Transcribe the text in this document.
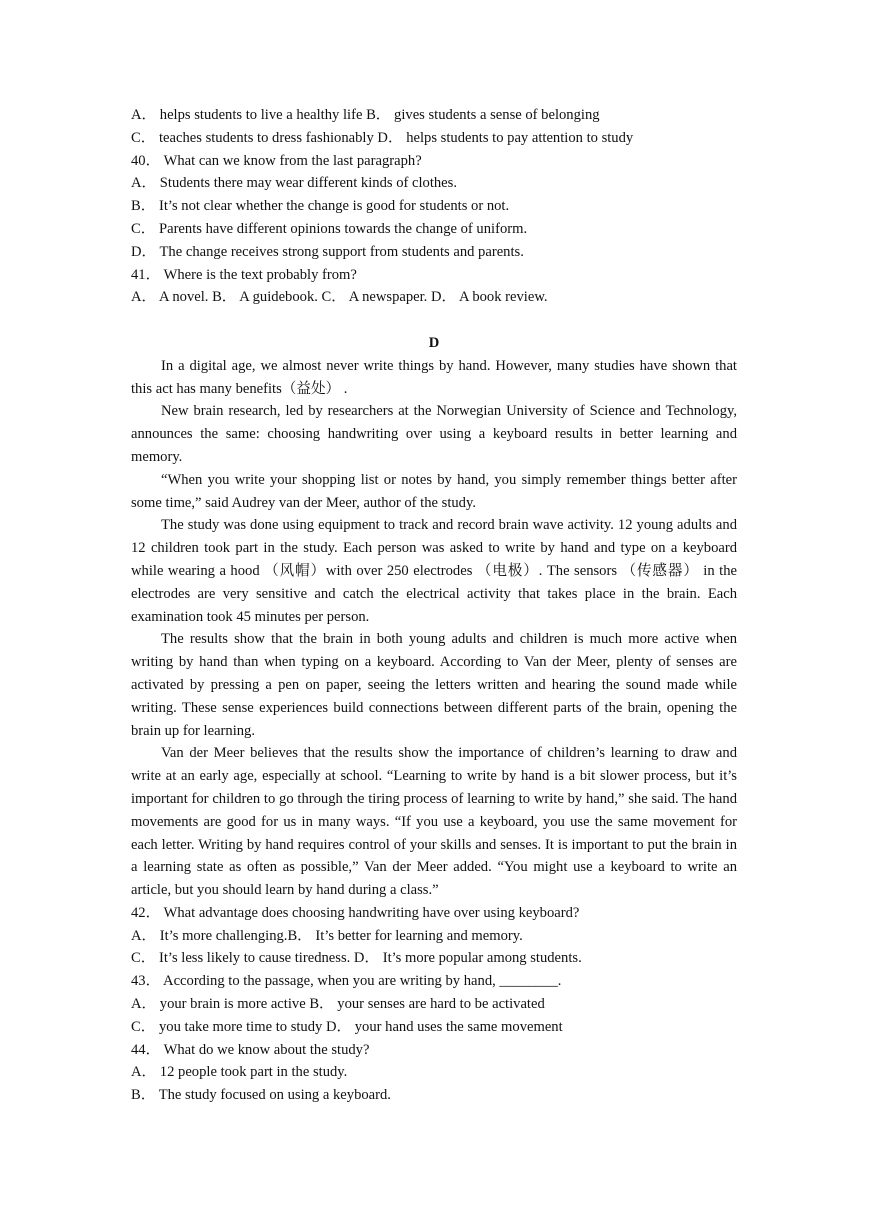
A． helps students to live a healthy life B． gives students a sense of belonging

C． teaches students to dress fashionably D． helps students to pay attention to study

40． What can we know from the last paragraph?

A． Students there may wear different kinds of clothes.

B． It’s not clear whether the change is good for students or not.

C． Parents have different opinions towards the change of uniform.

D． The change receives strong support from students and parents.

41． Where is the text probably from?

A． A novel. B． A guidebook. C． A newspaper. D． A book review.

D

In a digital age, we almost never write things by hand. However, many studies have shown that this act has many benefits（益处） .

New brain research, led by researchers at the Norwegian University of Science and Technology, announces the same: choosing handwriting over using a keyboard results in better learning and memory.

“When you write your shopping list or notes by hand, you simply remember things better after some time,” said Audrey van der Meer, author of the study.

The study was done using equipment to track and record brain wave activity. 12 young adults and 12 children took part in the study. Each person was asked to write by hand and type on a keyboard while wearing a hood （风帽）with over 250 electrodes （电极）. The sensors （传感器） in the electrodes are very sensitive and catch the electrical activity that takes place in the brain. Each examination took 45 minutes per person.

The results show that the brain in both young adults and children is much more active when writing by hand than when typing on a keyboard. According to Van der Meer, plenty of senses are activated by pressing a pen on paper, seeing the letters written and hearing the sound made while writing. These sense experiences build connections between different parts of the brain, opening the brain up for learning.

Van der Meer believes that the results show the importance of children’s learning to draw and write at an early age, especially at school. “Learning to write by hand is a bit slower process, but it’s important for children to go through the tiring process of learning to write by hand,” she said. The hand movements are good for us in many ways. “If you use a keyboard, you use the same movement for each letter. Writing by hand requires control of your skills and senses. It is important to put the brain in a learning state as often as possible,” Van der Meer added. “You might use a keyboard to write an article, but you should learn by hand during a class.”

42． What advantage does choosing handwriting have over using keyboard?

A． It’s more challenging.B． It’s better for learning and memory.

C． It’s less likely to cause tiredness. D． It’s more popular among students.

43． According to the passage, when you are writing by hand, ________.

A． your brain is more active B． your senses are hard to be activated

C． you take more time to study D． your hand uses the same movement

44． What do we know about the study?

A． 12 people took part in the study.

B． The study focused on using a keyboard.
